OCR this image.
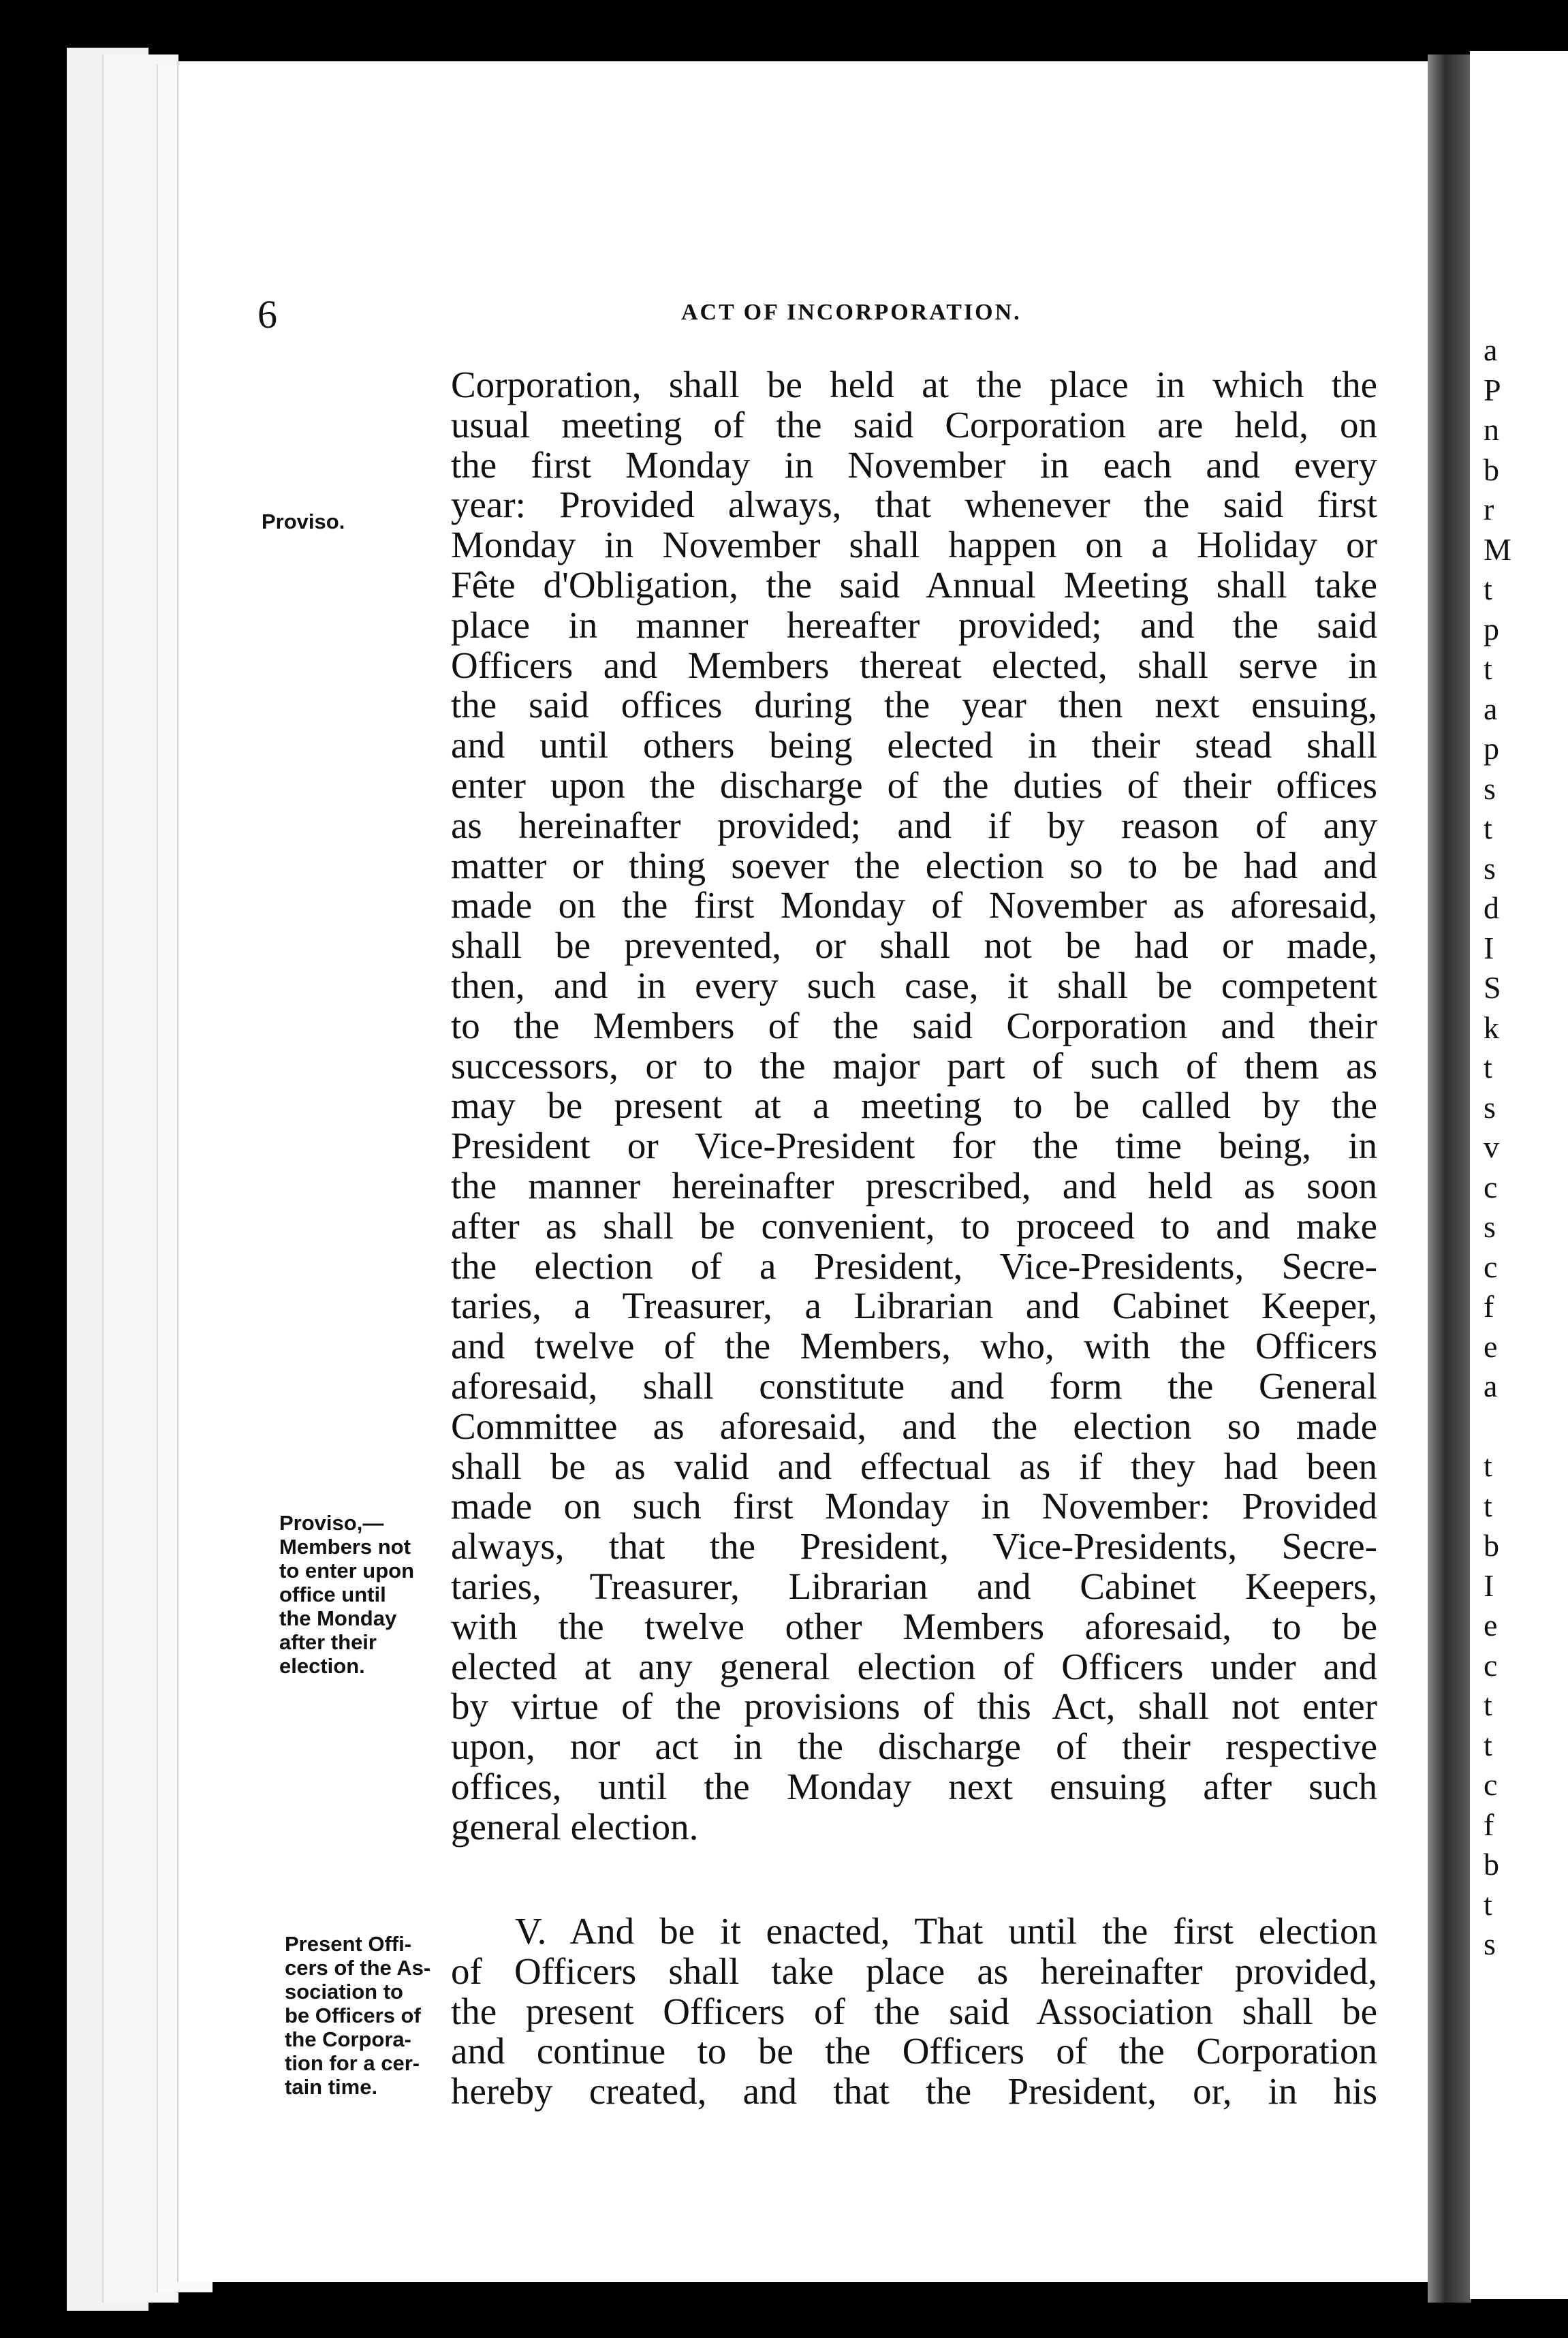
a
P
n
b
r
M
t
p
t
a
p
s
t
s
d
I
S
k
t
s
v
c
s
c
f
e
a
t
t
b
I
e
c
t
t
c
f
b
t
s
6	ACT OF INCORPORATION.
Proviso.
Proviso,—
Members not
to enter upon
office until
the Monday
after their
election.
Present Offi-
cers of the As-
sociation to
be Officers of
the Corpora-
tion for a cer-
tain time.
Corporation, shall be held at the place in which the
usual meeting of the said Corporation are held, on
the first Monday in November in each and every
year: Provided always, that whenever the said first
Monday in November shall happen on a Holiday or
Fête d'Obligation, the said Annual Meeting shall take
place in manner hereafter provided; and the said
Officers and Members thereat elected, shall serve in
the said offices during the year then next ensuing,
and until others being elected in their stead shall
enter upon the discharge of the duties of their offices
as hereinafter provided; and if by reason of any
matter or thing soever the election so to be had and
made on the first Monday of November as aforesaid,
shall be prevented, or shall not be had or made,
then, and in every such case, it shall be competent
to the Members of the said Corporation and their
successors, or to the major part of such of them as
may be present at a meeting to be called by the
President or Vice-President for the time being, in
the manner hereinafter prescribed, and held as soon
after as shall be convenient, to proceed to and make
the election of a President, Vice-Presidents, Secre-
taries, a Treasurer, a Librarian and Cabinet Keeper,
and twelve of the Members, who, with the Officers
aforesaid, shall constitute and form the General
Committee as aforesaid, and the election so made
shall be as valid and effectual as if they had been
made on such first Monday in November: Provided
always, that the President, Vice-Presidents, Secre-
taries, Treasurer, Librarian and Cabinet Keepers,
with the twelve other Members aforesaid, to be
elected at any general election of Officers under and
by virtue of the provisions of this Act, shall not enter
upon, nor act in the discharge of their respective
offices, until the Monday next ensuing after such
general election.
V. And be it enacted, That until the first election
of Officers shall take place as hereinafter provided,
the present Officers of the said Association shall be
and continue to be the Officers of the Corporation
hereby created, and that the President, or, in his
